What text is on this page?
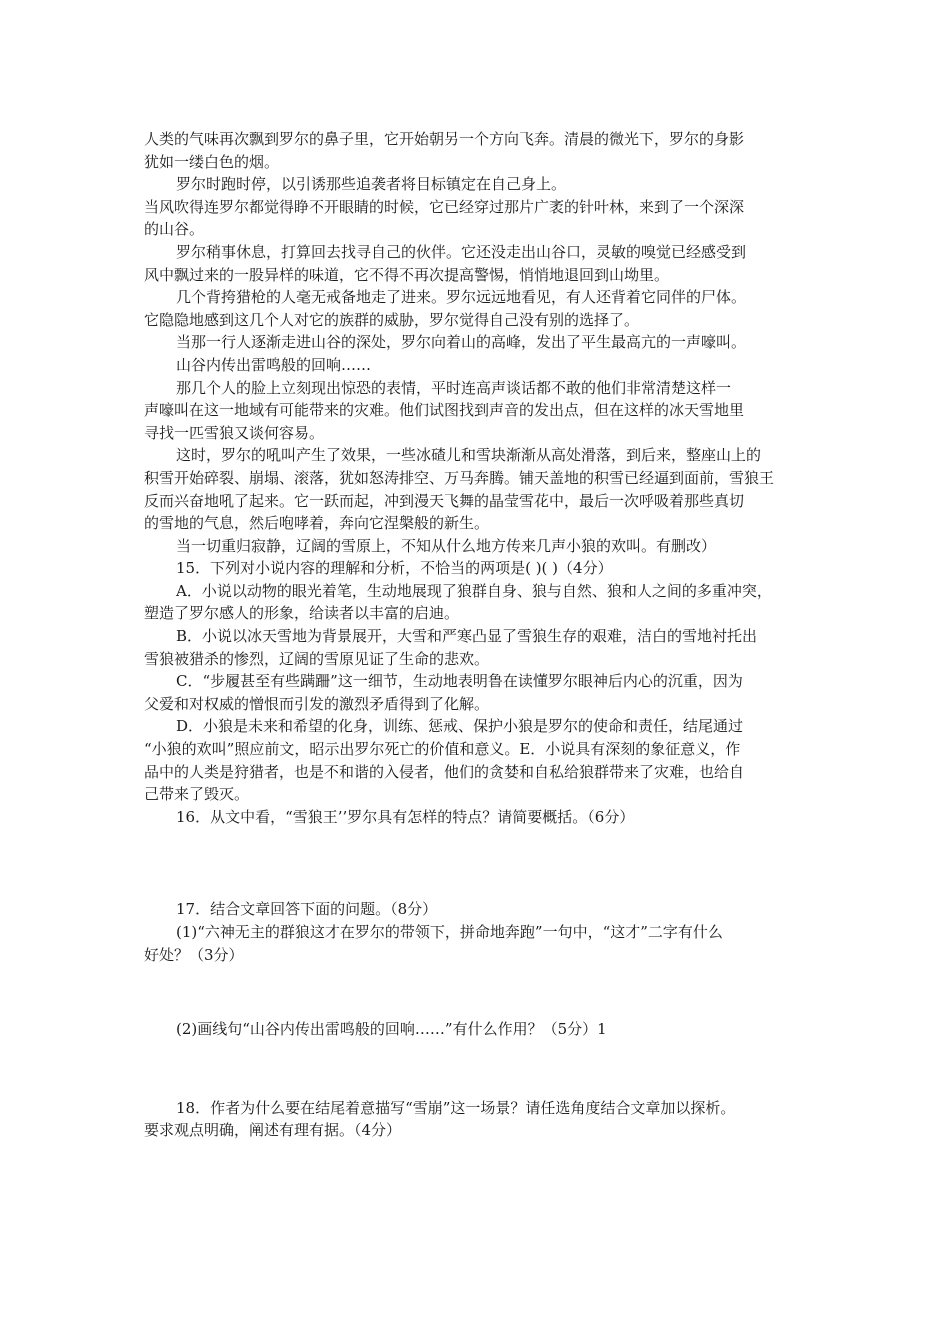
人类的气味再次飘到罗尔的鼻子里，它开始朝另一个方向飞奔。清晨的微光下，罗尔的身影
犹如一缕白色的烟。
罗尔时跑时停，以引诱那些追袭者将目标镇定在自己身上。
当风吹得连罗尔都觉得睁不开眼睛的时候，它已经穿过那片广袤的针叶林，来到了一个深深
的山谷。
罗尔稍事休息，打算回去找寻自己的伙伴。它还没走出山谷口，灵敏的嗅觉已经感受到
风中飘过来的一股异样的味道，它不得不再次提高警惕，悄悄地退回到山坳里。
几个背挎猎枪的人毫无戒备地走了进来。罗尔远远地看见，有人还背着它同伴的尸体。
它隐隐地感到这几个人对它的族群的威胁，罗尔觉得自己没有别的选择了。
当那一行人逐渐走进山谷的深处，罗尔向着山的高峰，发出了平生最高亢的一声嚎叫。
山谷内传出雷鸣般的回响……
那几个人的脸上立刻现出惊恐的表情，平时连高声谈话都不敢的他们非常清楚这样一
声嚎叫在这一地域有可能带来的灾难。他们试图找到声音的发出点，但在这样的冰天雪地里
寻找一匹雪狼又谈何容易。
这时，罗尔的吼叫产生了效果，一些冰碴儿和雪块渐渐从高处滑落，到后来，整座山上的
积雪开始碎裂、崩塌、滚落，犹如怒涛排空、万马奔腾。铺天盖地的积雪已经逼到面前，雪狼王
反而兴奋地吼了起来。它一跃而起，冲到漫天飞舞的晶莹雪花中，最后一次呼吸着那些真切
的雪地的气息，然后咆哮着，奔向它涅槃般的新生。
当一切重归寂静，辽阔的雪原上，不知从什么地方传来几声小狼的欢叫。有删改）
15．下列对小说内容的理解和分析，不恰当的两项是( )( )（4分）
A．小说以动物的眼光着笔，生动地展现了狼群自身、狼与自然、狼和人之间的多重冲突，
塑造了罗尔感人的形象，给读者以丰富的启迪。
B．小说以冰天雪地为背景展开，大雪和严寒凸显了雪狼生存的艰难，洁白的雪地衬托出
雪狼被猎杀的惨烈，辽阔的雪原见证了生命的悲欢。
C．“步履甚至有些蹒跚”这一细节，生动地表明鲁在读懂罗尔眼神后内心的沉重，因为
父爱和对权威的憎恨而引发的激烈矛盾得到了化解。
D．小狼是未来和希望的化身，训练、惩戒、保护小狼是罗尔的使命和责任，结尾通过
“小狼的欢叫”照应前文，昭示出罗尔死亡的价值和意义。E．小说具有深刻的象征意义，作
品中的人类是狩猎者，也是不和谐的入侵者，他们的贪婪和自私给狼群带来了灾难，也给自
己带来了毁灭。
16．从文中看，“雪狼王’’罗尔具有怎样的特点？请简要概括。（6分）
17．结合文章回答下面的问题。（8分）
(1)“六神无主的群狼这才在罗尔的带领下，拼命地奔跑”一句中，“这才”二字有什么
好处？（3分）
(2)画线句“山谷内传出雷鸣般的回响……”有什么作用？（5分）1
18．作者为什么要在结尾着意描写“雪崩”这一场景？请任选角度结合文章加以探析。
要求观点明确，阐述有理有据。（4分）
